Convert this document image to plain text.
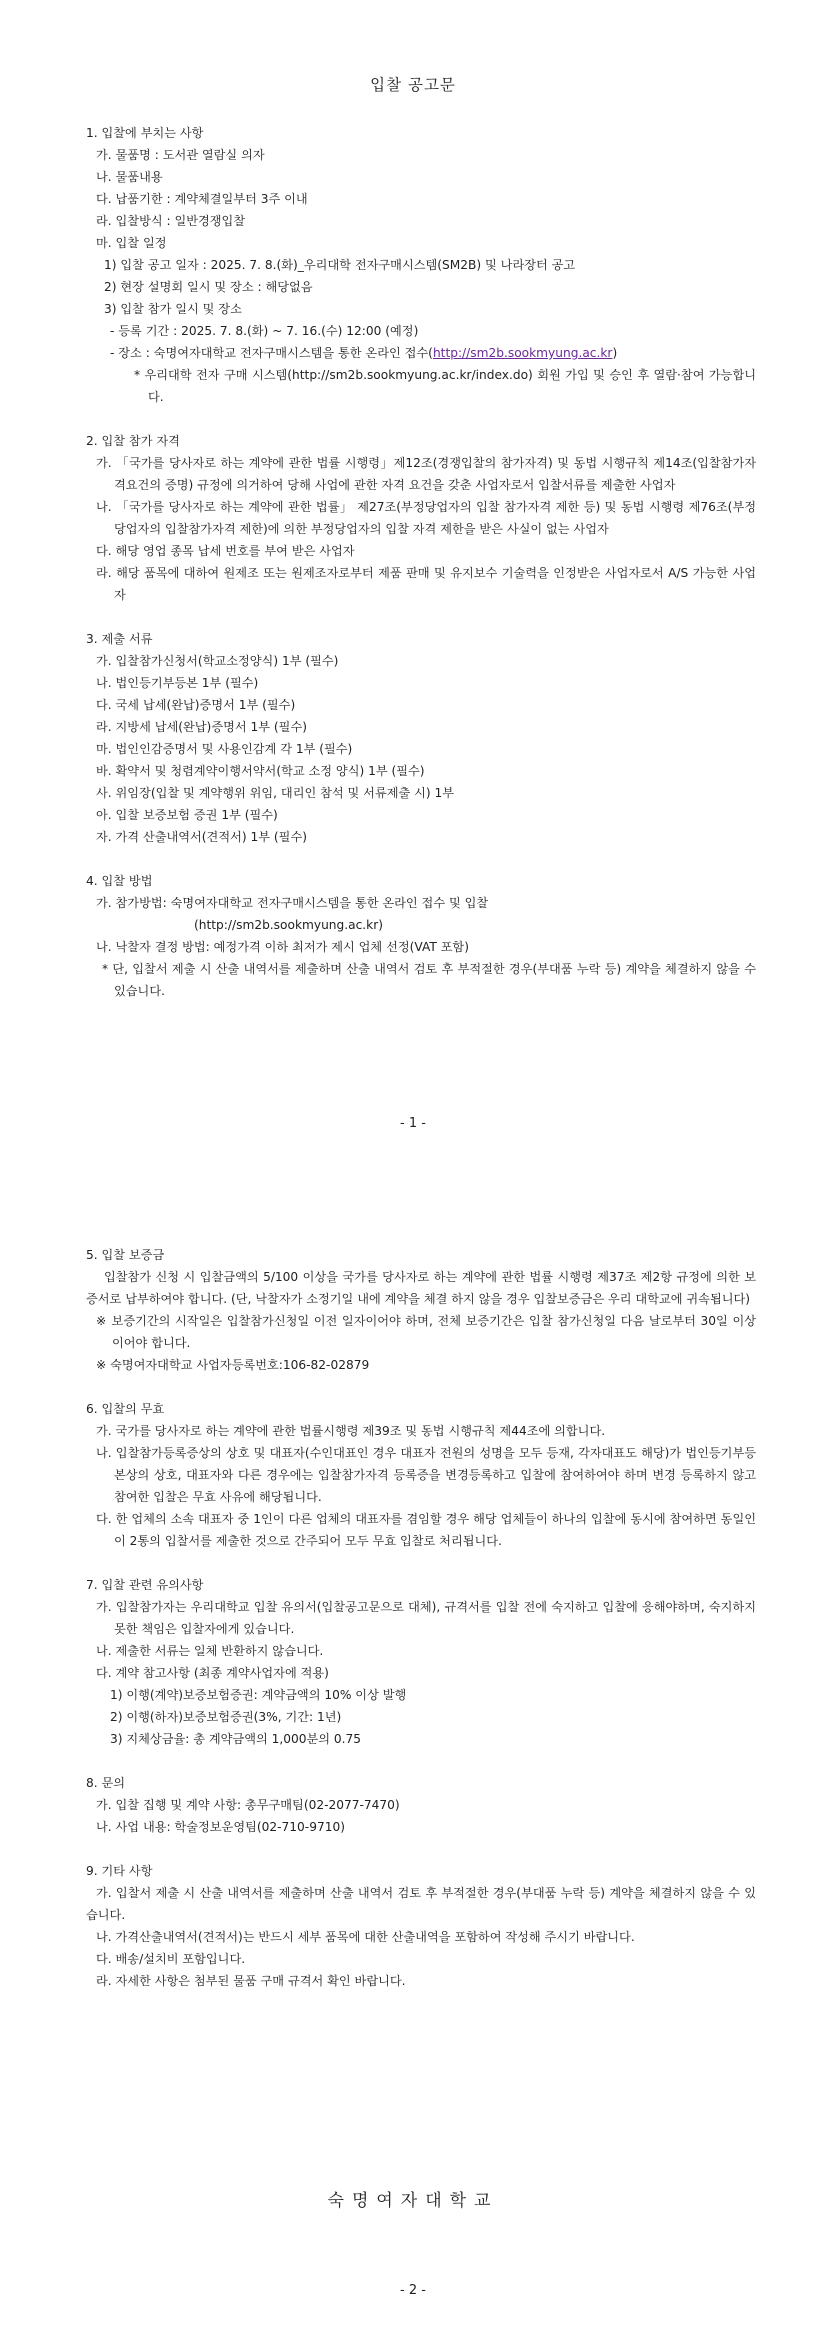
입찰 공고문
1. 입찰에 부치는 사항
가. 물품명 : 도서관 열람실 의자
나. 물품내용
다. 납품기한 : 계약체결일부터 3주 이내
라. 입찰방식 : 일반경쟁입찰
마. 입찰 일정
1) 입찰 공고 일자 : 2025. 7. 8.(화)_우리대학 전자구매시스템(SM2B) 및 나라장터 공고
2) 현장 설명회 일시 및 장소 : 해당없음
3) 입찰 참가 일시 및 장소
- 등록 기간 : 2025. 7. 8.(화) ~ 7. 16.(수) 12:00 (예정)
- 장소 : 숙명여자대학교 전자구매시스템을 통한 온라인 접수(http://sm2b.sookmyung.ac.kr)
* 우리대학 전자 구매 시스템(http://sm2b.sookmyung.ac.kr/index.do) 회원 가입 및 승인 후 열람·참여 가능합니다.
2. 입찰 참가 자격
가. 「국가를 당사자로 하는 계약에 관한 법률 시행령」제12조(경쟁입찰의 참가자격) 및 동법 시행규칙 제14조(입찰참가자격요건의 증명) 규정에 의거하여 당해 사업에 관한 자격 요건을 갖춘 사업자로서 입찰서류를 제출한 사업자
나. 「국가를 당사자로 하는 계약에 관한 법률」 제27조(부정당업자의 입찰 참가자격 제한 등) 및 동법 시행령 제76조(부정당업자의 입찰참가자격 제한)에 의한 부정당업자의 입찰 자격 제한을 받은 사실이 없는 사업자
다. 해당 영업 종목 납세 번호를 부여 받은 사업자
라. 해당 품목에 대하여 원제조 또는 원제조자로부터 제품 판매 및 유지보수 기술력을 인정받은 사업자로서 A/S 가능한 사업자
3. 제출 서류
가. 입찰참가신청서(학교소정양식) 1부 (필수)
나. 법인등기부등본 1부 (필수)
다. 국세 납세(완납)증명서 1부 (필수)
라. 지방세 납세(완납)증명서 1부 (필수)
마. 법인인감증명서 및 사용인감계 각 1부 (필수)
바. 확약서 및 청렴계약이행서약서(학교 소정 양식) 1부 (필수)
사. 위임장(입찰 및 계약행위 위임, 대리인 참석 및 서류제출 시) 1부
아. 입찰 보증보험 증권 1부 (필수)
자. 가격 산출내역서(견적서) 1부 (필수)
4. 입찰 방법
가. 참가방법: 숙명여자대학교 전자구매시스템을 통한 온라인 접수 및 입찰
(http://sm2b.sookmyung.ac.kr)
나. 낙찰자 결정 방법: 예정가격 이하 최저가 제시 업체 선정(VAT 포함)
* 단, 입찰서 제출 시 산출 내역서를 제출하며 산출 내역서 검토 후 부적절한 경우(부대품 누락 등) 계약을 체결하지 않을 수 있습니다.
- 1 -
5. 입찰 보증금
입찰참가 신청 시 입찰금액의 5/100 이상을 국가를 당사자로 하는 계약에 관한 법률 시행령 제37조 제2항 규정에 의한 보증서로 납부하여야 합니다. (단, 낙찰자가 소정기일 내에 계약을 체결 하지 않을 경우 입찰보증금은 우리 대학교에 귀속됩니다)
※ 보증기간의 시작일은 입찰참가신청일 이전 일자이어야 하며, 전체 보증기간은 입찰 참가신청일 다음 날로부터 30일 이상이어야 합니다.
※ 숙명여자대학교 사업자등록번호:106-82-02879
6. 입찰의 무효
가. 국가를 당사자로 하는 계약에 관한 법률시행령 제39조 및 동법 시행규칙 제44조에 의합니다.
나. 입찰참가등록증상의 상호 및 대표자(수인대표인 경우 대표자 전원의 성명을 모두 등재, 각자대표도 해당)가 법인등기부등본상의 상호, 대표자와 다른 경우에는 입찰참가자격 등록증을 변경등록하고 입찰에 참여하여야 하며 변경 등록하지 않고 참여한 입찰은 무효 사유에 해당됩니다.
다. 한 업체의 소속 대표자 중 1인이 다른 업체의 대표자를 겸임할 경우 해당 업체들이 하나의 입찰에 동시에 참여하면 동일인이 2통의 입찰서를 제출한 것으로 간주되어 모두 무효 입찰로 처리됩니다.
7. 입찰 관련 유의사항
가. 입찰참가자는 우리대학교 입찰 유의서(입찰공고문으로 대체), 규격서를 입찰 전에 숙지하고 입찰에 응해야하며, 숙지하지 못한 책임은 입찰자에게 있습니다.
나. 제출한 서류는 일체 반환하지 않습니다.
다. 계약 참고사항 (최종 계약사업자에 적용)
1) 이행(계약)보증보험증권: 계약금액의 10% 이상 발행
2) 이행(하자)보증보험증권(3%, 기간: 1년)
3) 지체상금율: 총 계약금액의 1,000분의 0.75
8. 문의
가. 입찰 집행 및 계약 사항: 총무구매팀(02-2077-7470)
나. 사업 내용: 학술정보운영팀(02-710-9710)
9. 기타 사항
가. 입찰서 제출 시 산출 내역서를 제출하며 산출 내역서 검토 후 부적절한 경우(부대품 누락 등) 계약을 체결하지 않을 수 있습니다.
나. 가격산출내역서(견적서)는 반드시 세부 품목에 대한 산출내역을 포함하여 작성해 주시기 바랍니다.
다. 배송/설치비 포함입니다.
라. 자세한 사항은 첨부된 물품 구매 규격서 확인 바랍니다.
숙명여자대학교
- 2 -
